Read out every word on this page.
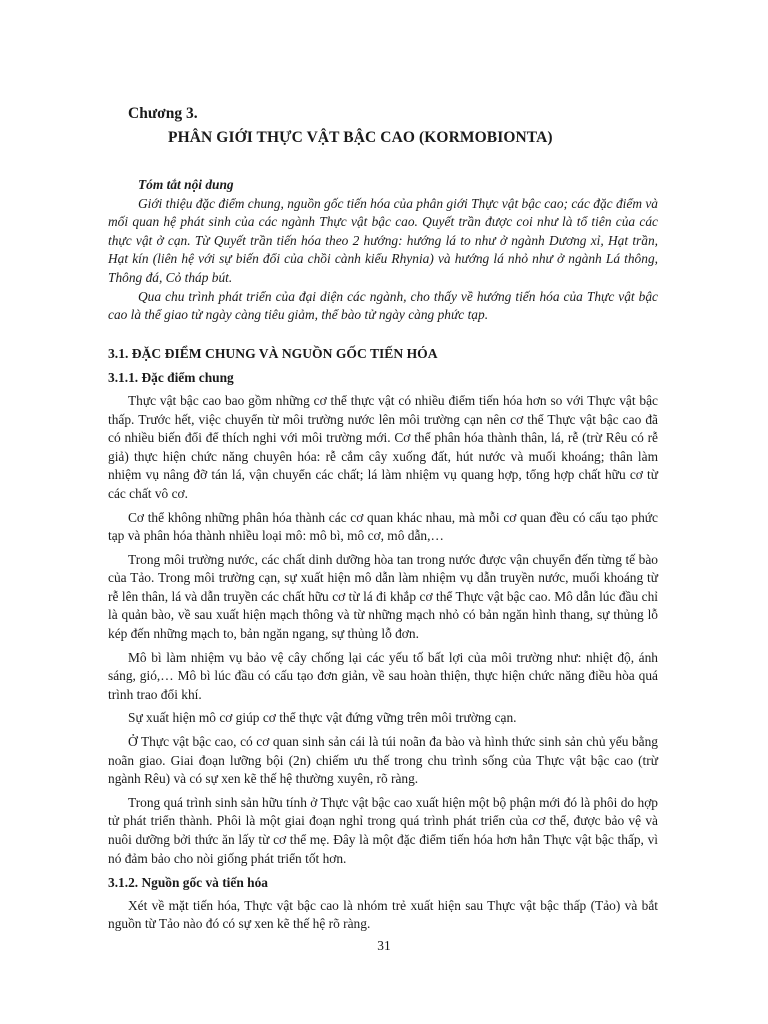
Chương 3.
PHÂN GIỚI THỰC VẬT BẬC CAO (KORMOBIONTA)
Tóm tắt nội dung

Giới thiệu đặc điểm chung, nguồn gốc tiến hóa của phân giới Thực vật bậc cao; các đặc điểm và mối quan hệ phát sinh của các ngành Thực vật bậc cao. Quyết trần được coi như là tổ tiên của các thực vật ở cạn. Từ Quyết trần tiến hóa theo 2 hướng: hướng lá to như ở ngành Dương xỉ, Hạt trần, Hạt kín (liên hệ với sự biến đổi của chồi cành kiểu Rhynia) và hướng lá nhỏ như ở ngành Lá thông, Thông đá, Cỏ tháp bút.

Qua chu trình phát triển của đại diện các ngành, cho thấy về hướng tiến hóa của Thực vật bậc cao là thể giao tử ngày càng tiêu giảm, thể bào tử ngày càng phức tạp.

3.1. ĐẶC ĐIỂM CHUNG VÀ NGUỒN GỐC TIẾN HÓA
3.1.1. Đặc điểm chung

Thực vật bậc cao bao gồm những cơ thể thực vật có nhiều điểm tiến hóa hơn so với Thực vật bậc thấp. Trước hết, việc chuyển từ môi trường nước lên môi trường cạn nên cơ thể Thực vật bậc cao đã có nhiều biến đổi để thích nghi với môi trường mới. Cơ thể phân hóa thành thân, lá, rễ (trừ Rêu có rễ giả) thực hiện chức năng chuyên hóa: rễ cắm cây xuống đất, hút nước và muối khoáng; thân làm nhiệm vụ nâng đỡ tán lá, vận chuyển các chất; lá làm nhiệm vụ quang hợp, tổng hợp chất hữu cơ từ các chất vô cơ.

Cơ thể không những phân hóa thành các cơ quan khác nhau, mà mỗi cơ quan đều có cấu tạo phức tạp và phân hóa thành nhiều loại mô: mô bì, mô cơ, mô dẫn,…

Trong môi trường nước, các chất dinh dưỡng hòa tan trong nước được vận chuyển đến từng tế bào của Tảo. Trong môi trường cạn, sự xuất hiện mô dẫn làm nhiệm vụ dẫn truyền nước, muối khoáng từ rễ lên thân, lá và dẫn truyền các chất hữu cơ từ lá đi khắp cơ thể Thực vật bậc cao. Mô dẫn lúc đầu chỉ là quản bào, về sau xuất hiện mạch thông và từ những mạch nhỏ có bản ngăn hình thang, sự thủng lỗ kép đến những mạch to, bản ngăn ngang, sự thủng lỗ đơn.

Mô bì làm nhiệm vụ bảo vệ cây chống lại các yếu tố bất lợi của môi trường như: nhiệt độ, ánh sáng, gió,… Mô bì lúc đầu có cấu tạo đơn giản, về sau hoàn thiện, thực hiện chức năng điều hòa quá trình trao đổi khí.

Sự xuất hiện mô cơ giúp cơ thể thực vật đứng vững trên môi trường cạn.

Ở Thực vật bậc cao, có cơ quan sinh sản cái là túi noãn đa bào và hình thức sinh sản chủ yếu bằng noãn giao. Giai đoạn lưỡng bội (2n) chiếm ưu thế trong chu trình sống của Thực vật bậc cao (trừ ngành Rêu) và có sự xen kẽ thế hệ thường xuyên, rõ ràng.

Trong quá trình sinh sản hữu tính ở Thực vật bậc cao xuất hiện một bộ phận mới đó là phôi do hợp tử phát triển thành. Phôi là một giai đoạn nghỉ trong quá trình phát triển của cơ thể, được bảo vệ và nuôi dưỡng bởi thức ăn lấy từ cơ thể mẹ. Đây là một đặc điểm tiến hóa hơn hẳn Thực vật bậc thấp, vì nó đảm bảo cho nòi giống phát triển tốt hơn.

3.1.2. Nguồn gốc và tiến hóa

Xét về mặt tiến hóa, Thực vật bậc cao là nhóm trẻ xuất hiện sau Thực vật bậc thấp (Tảo) và bắt nguồn từ Tảo nào đó có sự xen kẽ thế hệ rõ ràng.

31
